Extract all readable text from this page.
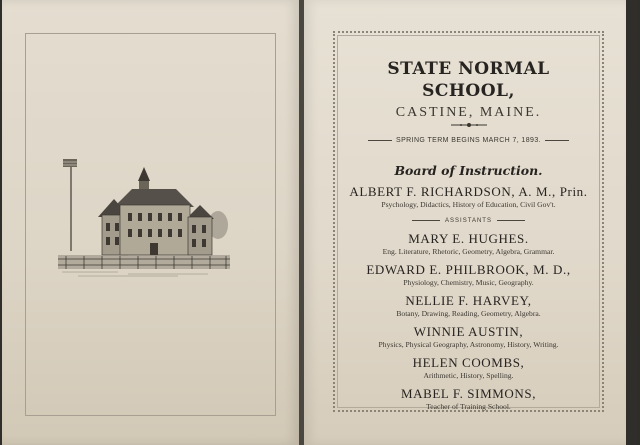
STATE NORMAL SCHOOL,

CASTINE, MAINE.

SPRING TERM BEGINS MARCH 7, 1893.

Board of Instruction.

ALBERT F. RICHARDSON, A. M., Prin.

Psychology, Didactics, History of Education, Civil Gov't.

ASSISTANTS

MARY E. HUGHES.

Eng. Literature, Rhetoric, Geometry, Algebra, Grammar.

EDWARD E. PHILBROOK, M. D.,

Physiology, Chemistry, Music, Geography.

NELLIE F. HARVEY,

Botany, Drawing, Reading, Geometry, Algebra.

WINNIE AUSTIN,

Physics, Physical Geography, Astronomy, History, Writing.

HELEN COOMBS,

Arithmetic, History, Spelling.

MABEL F. SIMMONS,

Teacher of Training School.
